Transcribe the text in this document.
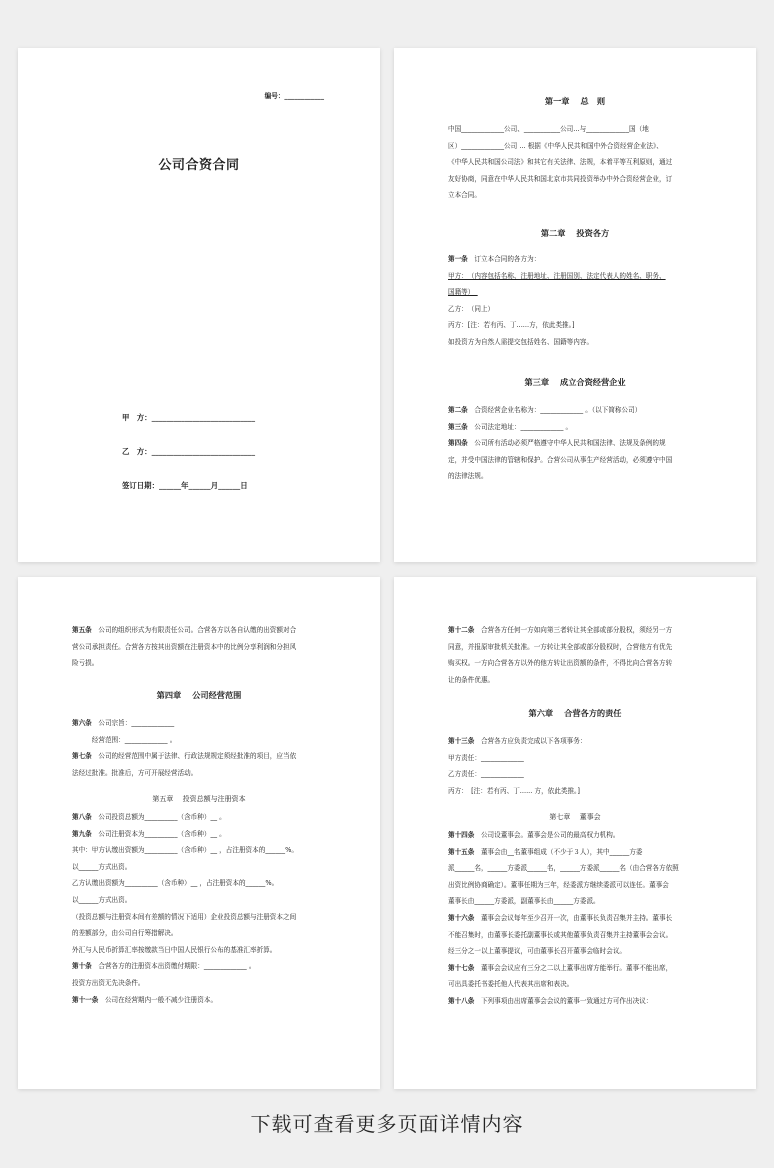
编号：____________
公司合资合同
甲　方：____________________________
乙　方：____________________________
签订日期：______年______月______日

第一章　 总　则

中国_____________公司、___________公司...与_____________国（地

区）_____________公司 ... 根据《中华人民共和国中外合资经营企业法》、

《中华人民共和国公司法》和其它有关法律、法规，本着平等互利原则，通过

友好协商，同意在中华人民共和国北京市共同投资举办中外合资经营企业，订

立本合同。

第二章　 投资各方

第一条　订立本合同的各方为：

甲方：　（内容包括名称、注册地址、注册国别、法定代表人的姓名、职务、

国籍等）　

乙方：　（同上）　

丙方：[注：若有丙、丁......方，依此类推。]

如投资方为自然人需提交包括姓名、国籍等内容。

第三章　 成立合资经营企业

第二条　合资经营企业名称为：_____________ 。（以下简称公司）

第三条　公司法定地址：_____________ 。

第四条　公司所有活动必须严格遵守中华人民共和国法律、法规及条例的规

定，并受中国法律的管辖和保护。合营公司从事生产经营活动，必须遵守中国

的法律法规。

第五条　公司的组织形式为有限责任公司。合营各方以各自认缴的出资额对合

营公司承担责任。合营各方按其出资额在注册资本中的比例分享利润和分担风

险亏损。

第四章　 公司经营范围

第六条　公司宗旨：_____________

　　　经营范围：_____________ 。

第七条　公司的经营范围中属于法律、行政法规规定须经批准的项目，应当依

法经过批准。批准后，方可开展经营活动。

第五章　 投资总额与注册资本

第八条　公司投资总额为__________（含币种）__ 。

第九条　公司注册资本为__________（含币种）__ 。

其中：甲方认缴出资额为__________（含币种）__ ，占注册资本的______%。

以______方式出资。

乙方认缴出资额为__________（含币种）__ ，占注册资本的______%。

以______方式出资。

（投资总额与注册资本间有差额的情况下适用）企业投资总额与注册资本之间

的差额部分，由公司自行筹措解决。

外汇与人民币折算汇率按缴款当日中国人民银行公布的基准汇率折算。

第十条　合营各方的注册资本出资缴付期限：_____________ 。

投资方出资无先决条件。

第十一条　公司在经营期内一般不减少注册资本。

第十二条　合营各方任何一方如向第三者转让其全部或部分股权，须经另一方

同意，并报原审批机关批准。一方转让其全部或部分股权时，合营他方有优先

购买权。一方向合营各方以外的他方转让出资额的条件，不得比向合营各方转

让的条件优惠。

第六章　 合营各方的责任

第十三条　合营各方应负责完成以下各项事务：

甲方责任：_____________

乙方责任：_____________

丙方：　[注：若有丙、丁...... 方，依此类推。]

第七章　 董事会

第十四条　公司设董事会。董事会是公司的最高权力机构。

第十五条　董事会由__名董事组成（不少于３人），其中______方委

派______名，______方委派______名，______方委派______名（由合营各方依照

出资比例协商确定）。董事任期为三年，经委派方继续委派可以连任。董事会

董事长由______方委派，副董事长由______方委派。

第十六条　董事会会议每年至少召开一次，由董事长负责召集并主持。董事长

不能召集时，由董事长委托副董事长或其他董事负责召集并主持董事会会议。

经三分之一以上董事提议，可由董事长召开董事会临时会议。

第十七条　董事会会议应有三分之二以上董事出席方能举行。董事不能出席，

可出具委托书委托他人代表其出席和表决。

第十八条　下列事项由出席董事会会议的董事一致通过方可作出决议：

下载可查看更多页面详情内容
